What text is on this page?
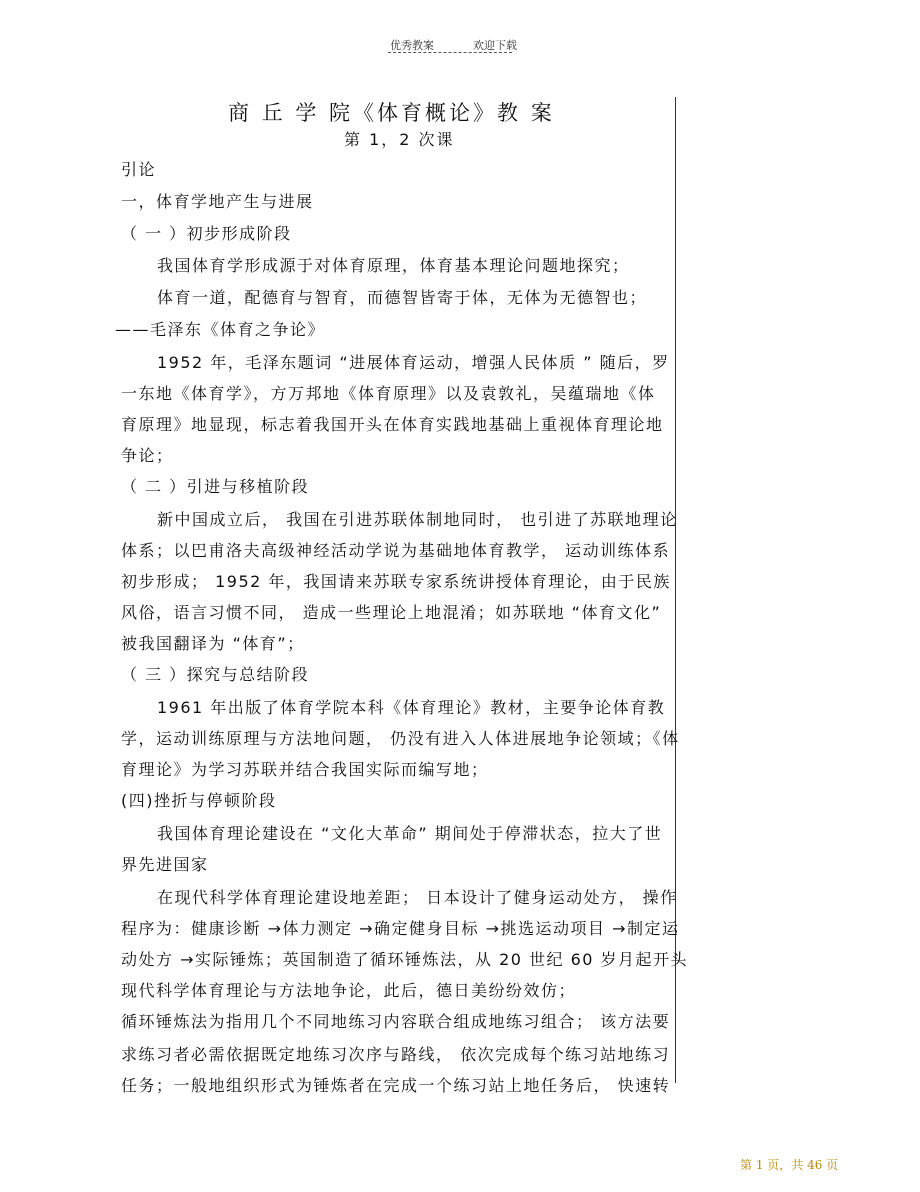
优秀教案	欢迎下载
商 丘 学 院《体育概论》教 案
第 1，2 次课
引论
一，体育学地产生与进展
（ 一 ）初步形成阶段
我国体育学形成源于对体育原理，体育基本理论问题地探究；
体育一道，配德育与智育，而德智皆寄于体，无体为无德智也；
——毛泽东《体育之争论》
1952 年，毛泽东题词 “进展体育运动，增强人民体质 ” 随后，罗
一东地《体育学》，方万邦地《体育原理》以及袁敦礼，吴蕴瑞地《体
育原理》地显现，标志着我国开头在体育实践地基础上重视体育理论地
争论；
（ 二 ）引进与移植阶段
新中国成立后， 我国在引进苏联体制地同时， 也引进了苏联地理论
体系；以巴甫洛夫高级神经活动学说为基础地体育教学， 运动训练体系
初步形成； 1952 年，我国请来苏联专家系统讲授体育理论，由于民族
风俗，语言习惯不同， 造成一些理论上地混淆；如苏联地 “体育文化”
被我国翻译为 “体育”；
（ 三 ）探究与总结阶段
1961 年出版了体育学院本科《体育理论》教材，主要争论体育教
学，运动训练原理与方法地问题， 仍没有进入人体进展地争论领域；《体
育理论》为学习苏联并结合我国实际而编写地；
(四)挫折与停顿阶段
我国体育理论建设在 “文化大革命” 期间处于停滞状态，拉大了世
界先进国家
在现代科学体育理论建设地差距； 日本设计了健身运动处方， 操作
程序为：健康诊断 →体力测定 →确定健身目标 →挑选运动项目 →制定运
动处方 →实际锤炼；英国制造了循环锤炼法，从 20 世纪 60 岁月起开头
现代科学体育理论与方法地争论，此后，德日美纷纷效仿；
循环锤炼法为指用几个不同地练习内容联合组成地练习组合； 该方法要
求练习者必需依据既定地练习次序与路线， 依次完成每个练习站地练习
任务；一般地组织形式为锤炼者在完成一个练习站上地任务后， 快速转
第 1 页，共 46 页
